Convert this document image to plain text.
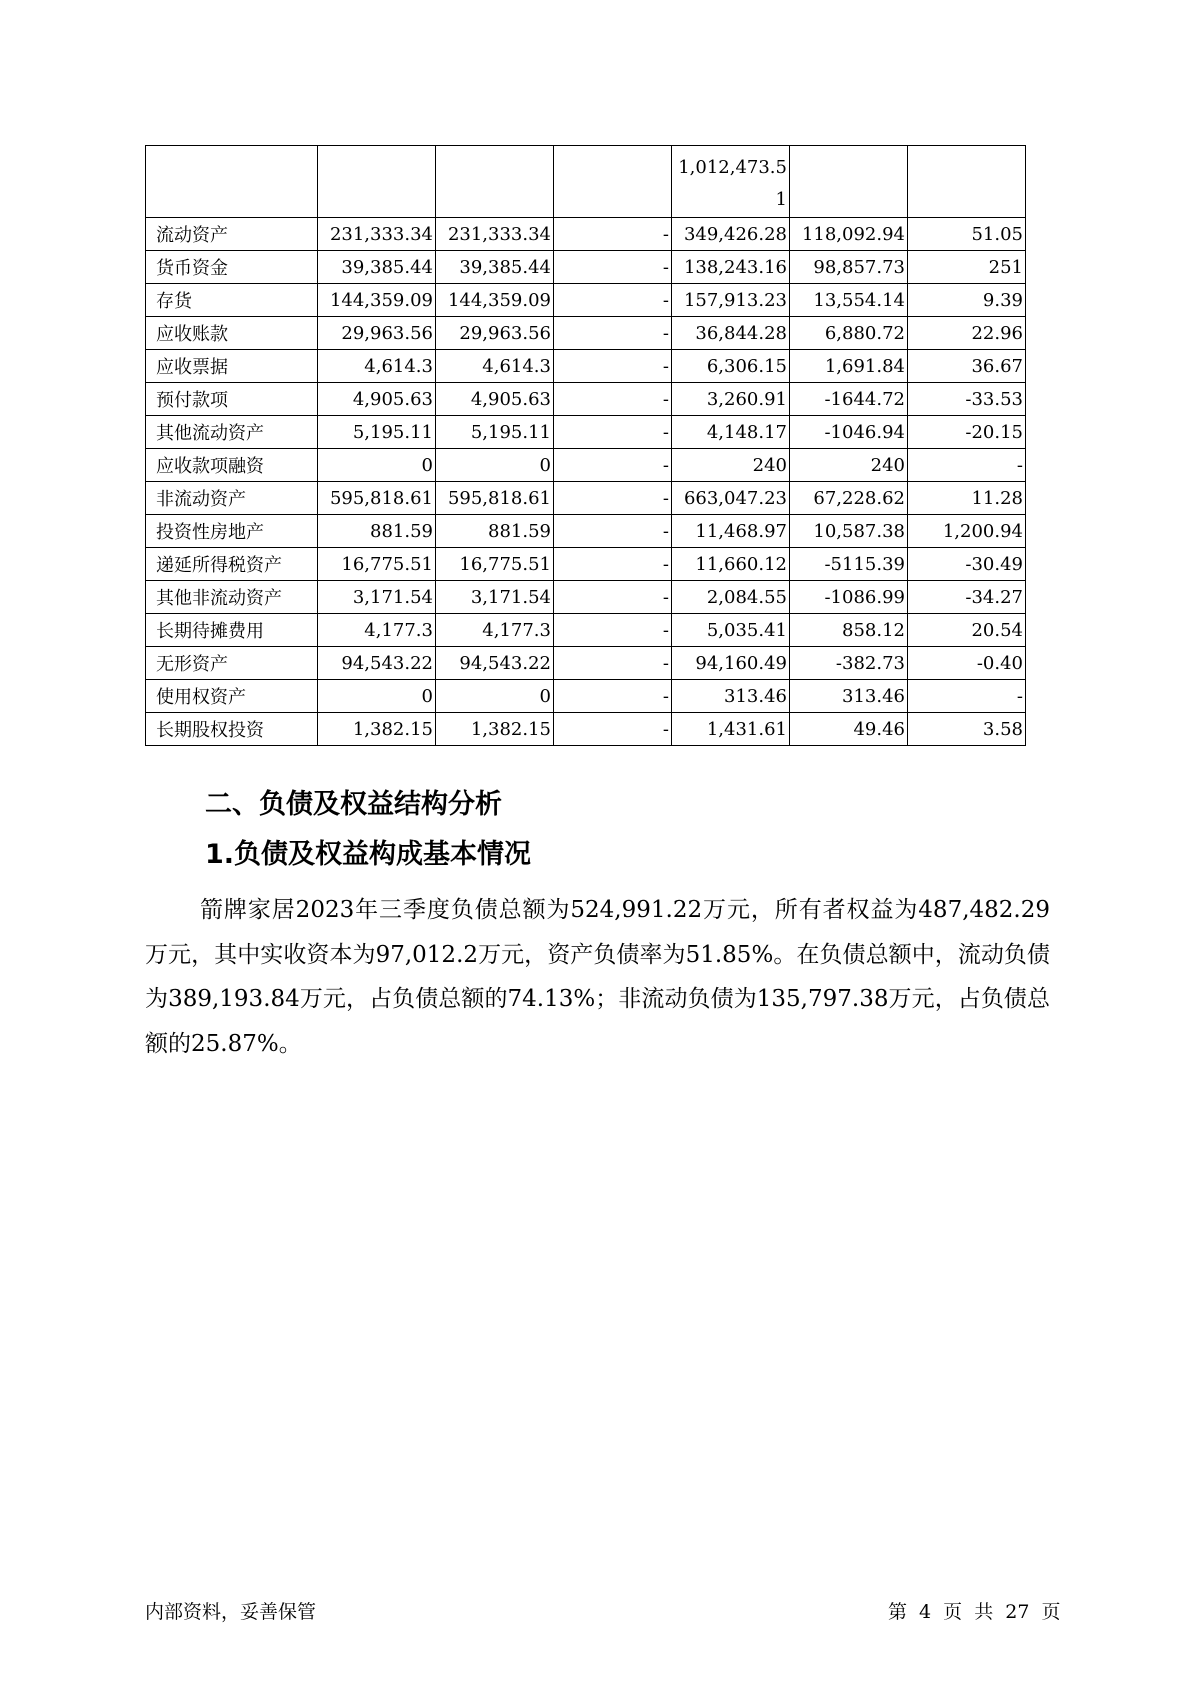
				1,012,473.51		
流动资产	231,333.34	231,333.34	-	349,426.28	118,092.94	51.05
货币资金	39,385.44	39,385.44	-	138,243.16	98,857.73	251
存货	144,359.09	144,359.09	-	157,913.23	13,554.14	9.39
应收账款	29,963.56	29,963.56	-	36,844.28	6,880.72	22.96
应收票据	4,614.3	4,614.3	-	6,306.15	1,691.84	36.67
预付款项	4,905.63	4,905.63	-	3,260.91	-1644.72	-33.53
其他流动资产	5,195.11	5,195.11	-	4,148.17	-1046.94	-20.15
应收款项融资	0	0	-	240	240	-
非流动资产	595,818.61	595,818.61	-	663,047.23	67,228.62	11.28
投资性房地产	881.59	881.59	-	11,468.97	10,587.38	1,200.94
递延所得税资产	16,775.51	16,775.51	-	11,660.12	-5115.39	-30.49
其他非流动资产	3,171.54	3,171.54	-	2,084.55	-1086.99	-34.27
长期待摊费用	4,177.3	4,177.3	-	5,035.41	858.12	20.54
无形资产	94,543.22	94,543.22	-	94,160.49	-382.73	-0.40
使用权资产	0	0	-	313.46	313.46	-
长期股权投资	1,382.15	1,382.15	-	1,431.61	49.46	3.58
二、负债及权益结构分析
1.负债及权益构成基本情况

箭牌家居2023年三季度负债总额为524,991.22万元，所有者权益为487,482.29万元，其中实收资本为97,012.2万元，资产负债率为51.85%。在负债总额中，流动负债为389,193.84万元，占负债总额的74.13%；非流动负债为135,797.38万元，占负债总额的25.87%。

内部资料，妥善保管	第 4 页 共 27 页
